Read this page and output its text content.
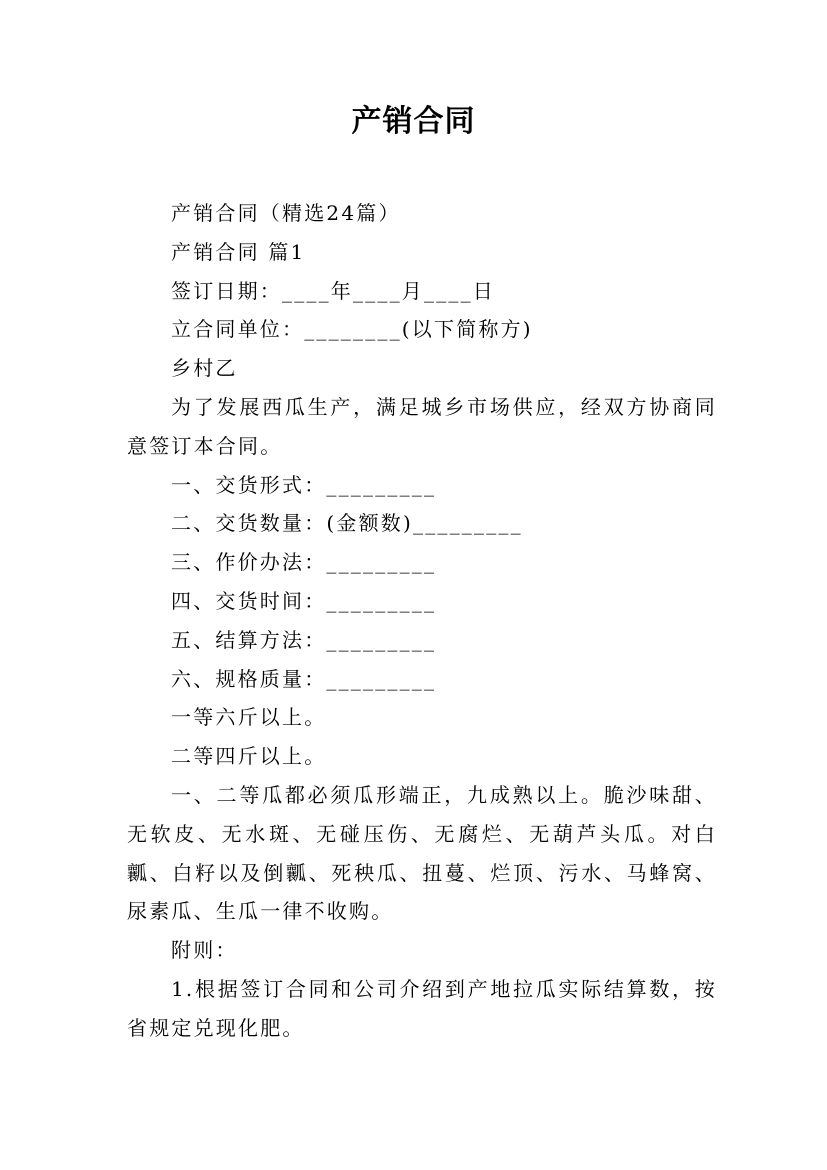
产销合同

产销合同（精选24篇）

产销合同 篇1

签订日期：____年____月____日

立合同单位：________(以下简称方)

乡村乙

为了发展西瓜生产，满足城乡市场供应，经双方协商同意签订本合同。

一、交货形式：_________

二、交货数量：(金额数)_________

三、作价办法：_________

四、交货时间：_________

五、结算方法：_________

六、规格质量：_________

一等六斤以上。

二等四斤以上。

一、二等瓜都必须瓜形端正，九成熟以上。脆沙味甜、无软皮、无水斑、无碰压伤、无腐烂、无葫芦头瓜。对白瓤、白籽以及倒瓤、死秧瓜、扭蔓、烂顶、污水、马蜂窝、尿素瓜、生瓜一律不收购。

附则：

1.根据签订合同和公司介绍到产地拉瓜实际结算数，按省规定兑现化肥。
